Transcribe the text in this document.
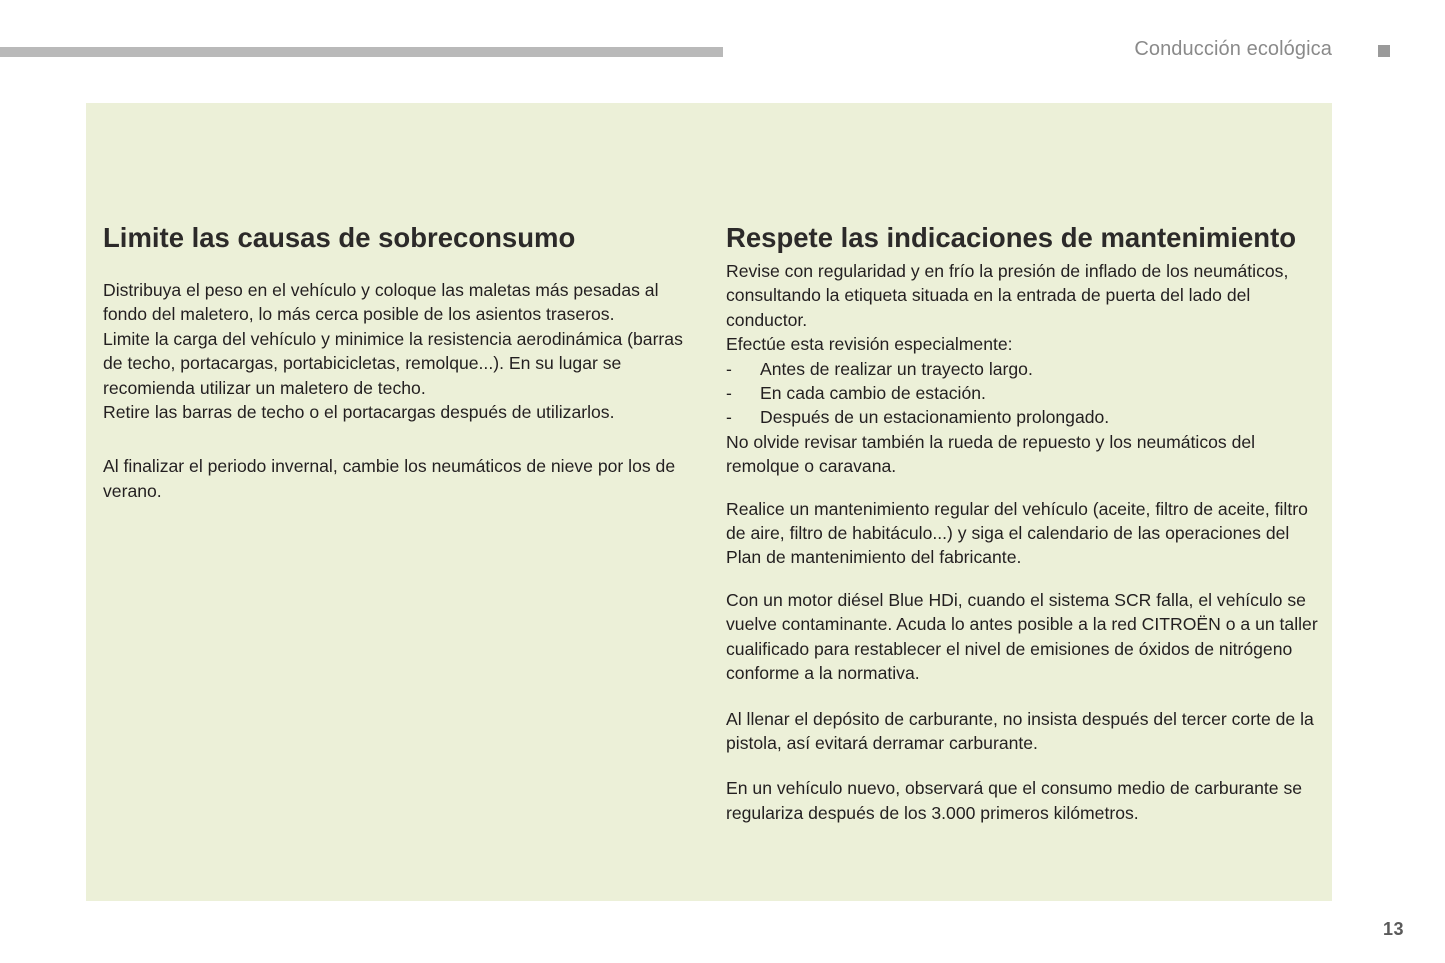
Conducción ecológica
Limite las causas de sobreconsumo

Distribuya el peso en el vehículo y coloque las maletas más pesadas al fondo del maletero, lo más cerca posible de los asientos traseros.

Limite la carga del vehículo y minimice la resistencia aerodinámica (barras de techo, portacargas, portabicicletas, remolque...). En su lugar se recomienda utilizar un maletero de techo.

Retire las barras de techo o el portacargas después de utilizarlos.

Al finalizar el periodo invernal, cambie los neumáticos de nieve por los de verano.

Respete las indicaciones de mantenimiento

Revise con regularidad y en frío la presión de inflado de los neumáticos, consultando la etiqueta situada en la entrada de puerta del lado del conductor.

Efectúe esta revisión especialmente:

- Antes de realizar un trayecto largo.
- En cada cambio de estación.
- Después de un estacionamiento prolongado.

No olvide revisar también la rueda de repuesto y los neumáticos del remolque o caravana.

Realice un mantenimiento regular del vehículo (aceite, filtro de aceite, filtro de aire, filtro de habitáculo...) y siga el calendario de las operaciones del Plan de mantenimiento del fabricante.

Con un motor diésel Blue HDi, cuando el sistema SCR falla, el vehículo se vuelve contaminante. Acuda lo antes posible a la red CITROËN o a un taller cualificado para restablecer el nivel de emisiones de óxidos de nitrógeno conforme a la normativa.

Al llenar el depósito de carburante, no insista después del tercer corte de la pistola, así evitará derramar carburante.

En un vehículo nuevo, observará que el consumo medio de carburante se regulariza después de los 3.000 primeros kilómetros.

13
